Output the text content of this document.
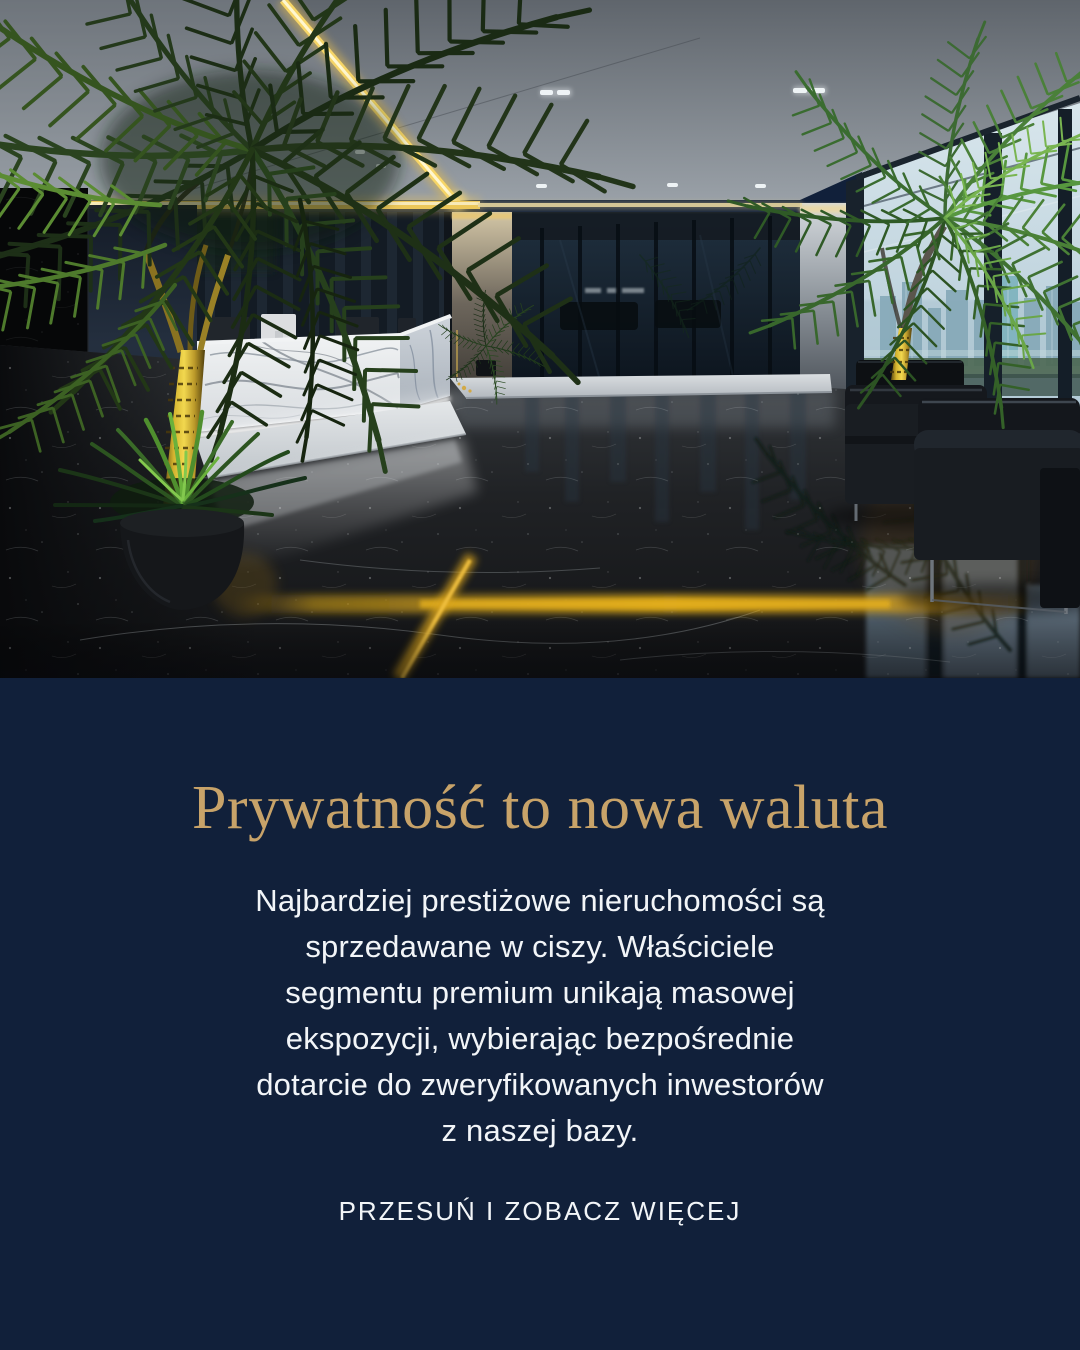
Prywatność to nowa waluta

Najbardziej prestiżowe nieruchomości są

sprzedawane w ciszy. Właściciele

segmentu premium unikają masowej

ekspozycji, wybierając bezpośrednie

dotarcie do zweryfikowanych inwestorów

z naszej bazy.

PRZESUŃ I ZOBACZ WIĘCEJ
